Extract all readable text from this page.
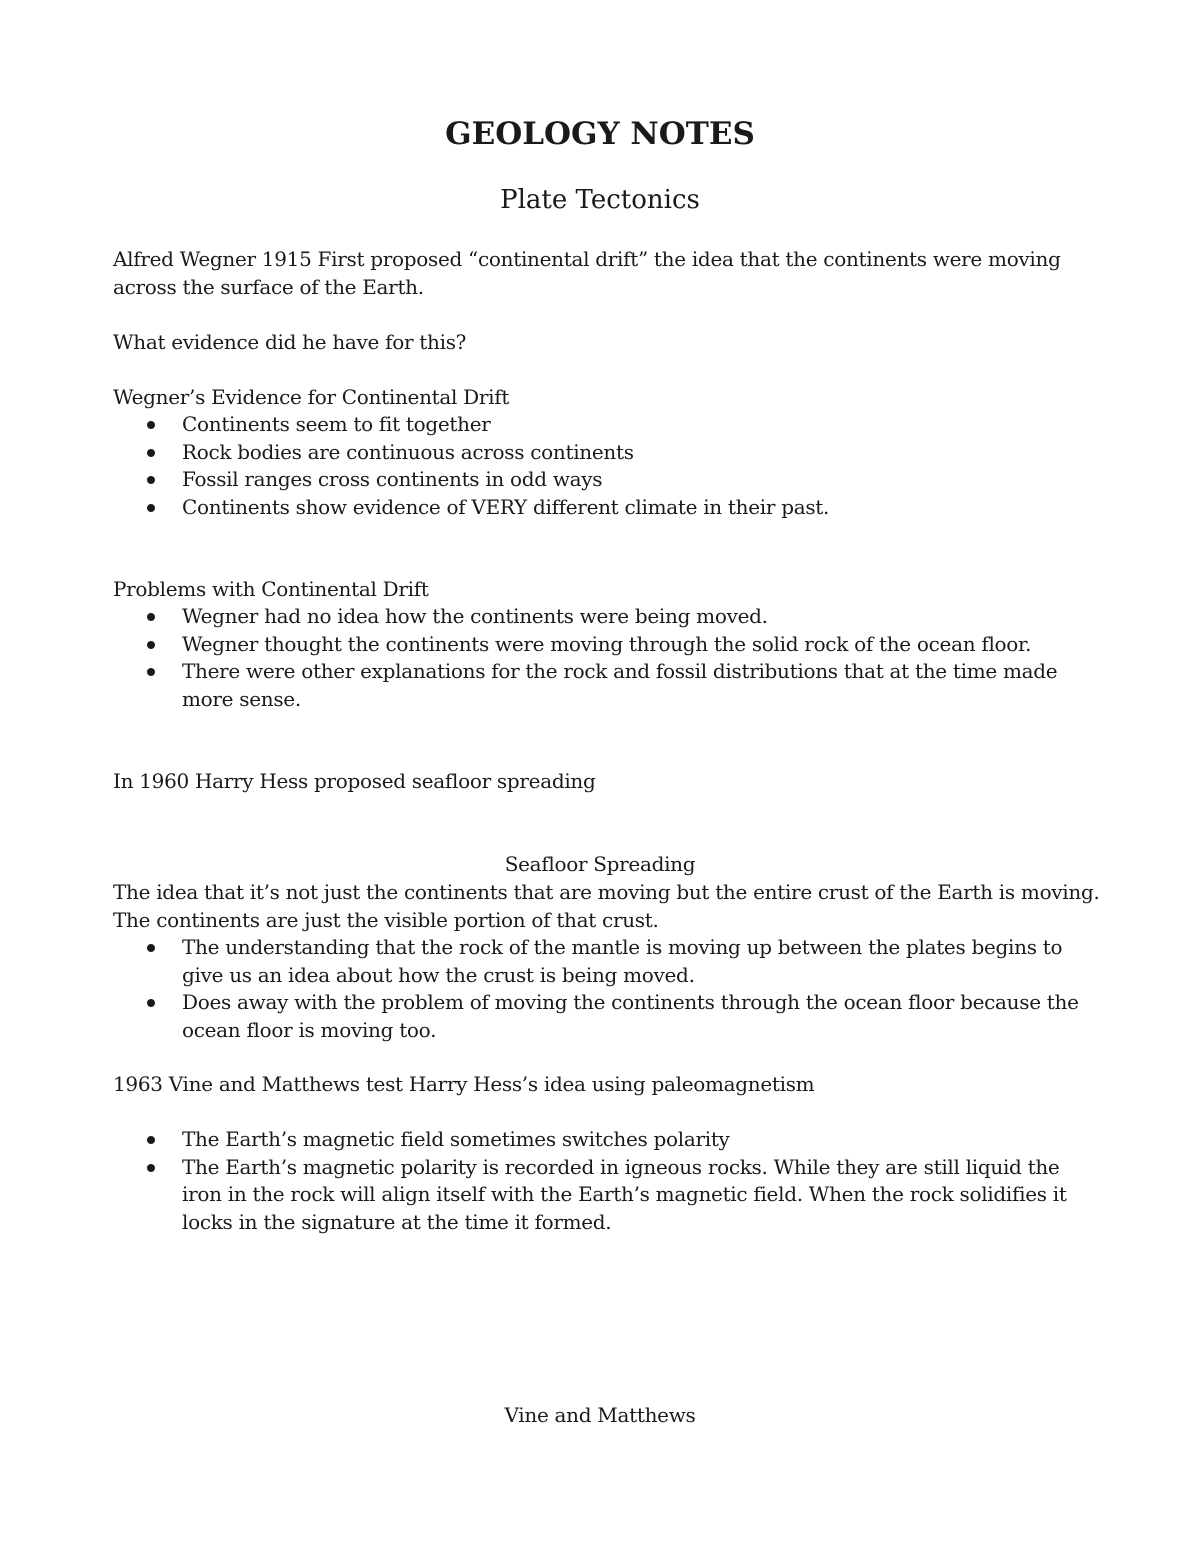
GEOLOGY NOTES
Plate Tectonics

Alfred Wegner 1915 First proposed “continental drift” the idea that the continents were moving across the surface of the Earth.

What evidence did he have for this?

Wegner’s Evidence for Continental Drift

Continents seem to fit together
Rock bodies are continuous across continents
Fossil ranges cross continents in odd ways
Continents show evidence of VERY different climate in their past.

Problems with Continental Drift

Wegner had no idea how the continents were being moved.
Wegner thought the continents were moving through the solid rock of the ocean floor.
There were other explanations for the rock and fossil distributions that at the time made more sense.

In 1960 Harry Hess proposed seafloor spreading

Seafloor Spreading

The idea that it’s not just the continents that are moving but the entire crust of the Earth is moving. The continents are just the visible portion of that crust.

The understanding that the rock of the mantle is moving up between the plates begins to give us an idea about how the crust is being moved.
Does away with the problem of moving the continents through the ocean floor because the ocean floor is moving too.

1963 Vine and Matthews test Harry Hess’s idea using paleomagnetism

The Earth’s magnetic field sometimes switches polarity
The Earth’s magnetic polarity is recorded in igneous rocks. While they are still liquid the iron in the rock will align itself with the Earth’s magnetic field. When the rock solidifies it locks in the signature at the time it formed.

Vine and Matthews
